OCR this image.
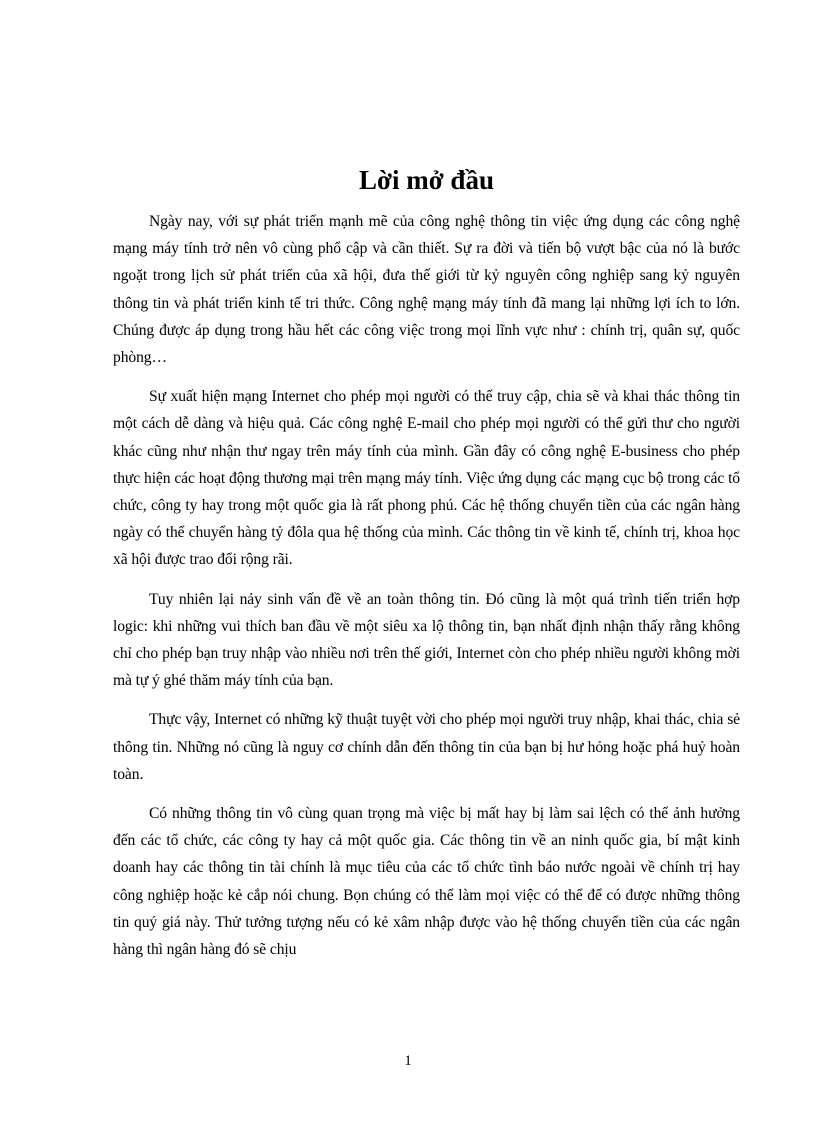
Lời mở đầu

Ngày nay, với sự phát triển mạnh mẽ của công nghệ thông tin việc ứng dụng các công nghệ mạng máy tính trở nên vô cùng phổ cập và cần thiết. Sự ra đời và tiến bộ vượt bậc của nó là bước ngoặt trong lịch sử phát triển của xã hội, đưa thế giới từ kỷ nguyên công nghiệp sang kỷ nguyên thông tin và phát triển kinh tế tri thức. Công nghệ mạng máy tính đã mang lại những lợi ích to lớn. Chúng được áp dụng trong hầu hết các công việc trong mọi lĩnh vực như : chính trị, quân sự, quốc phòng…

Sự xuất hiện mạng Internet cho phép mọi người có thể truy cập, chia sẽ và khai thác thông tin một cách dễ dàng và hiệu quả. Các công nghệ E-mail cho phép mọi người có thể gửi thư cho người khác cũng như nhận thư ngay trên máy tính của mình. Gần đây có công nghệ E-business cho phép thực hiện các hoạt động thương mại trên mạng máy tính. Việc ứng dụng các mạng cục bộ trong các tổ chức, công ty hay trong một quốc gia là rất phong phú. Các hệ thống chuyển tiền của các ngân hàng ngày có thể chuyển hàng tỷ đôla qua hệ thống của mình. Các thông tin về kinh tế, chính trị, khoa học xã hội được trao đổi rộng rãi.

Tuy nhiên lại nảy sinh vấn đề về an toàn thông tin. Đó cũng là một quá trình tiến triển hợp logic: khi những vui thích ban đầu về một siêu xa lộ thông tin, bạn nhất định nhận thấy rằng không chỉ cho phép bạn truy nhập vào nhiều nơi trên thế giới, Internet còn cho phép nhiều người không mời mà tự ý ghé thăm máy tính của bạn.

Thực vậy, Internet có những kỹ thuật tuyệt vời cho phép mọi người truy nhập, khai thác, chia sẻ thông tin. Những nó cũng là nguy cơ chính dẫn đến thông tin của bạn bị hư hỏng hoặc phá huỷ hoàn toàn.

Có những thông tin vô cùng quan trọng mà việc bị mất hay bị làm sai lệch có thể ảnh hưởng đến các tổ chức, các công ty hay cả một quốc gia. Các thông tin về an ninh quốc gia, bí mật kinh doanh hay các thông tin tài chính là mục tiêu của các tổ chức tình báo nước ngoài về chính trị hay công nghiệp hoặc kẻ cắp nói chung. Bọn chúng có thể làm mọi việc có thể để có được những thông tin quý giá này. Thử tưởng tượng nếu có kẻ xâm nhập được vào hệ thống chuyển tiền của các ngân hàng thì ngân hàng đó sẽ chịu

1
